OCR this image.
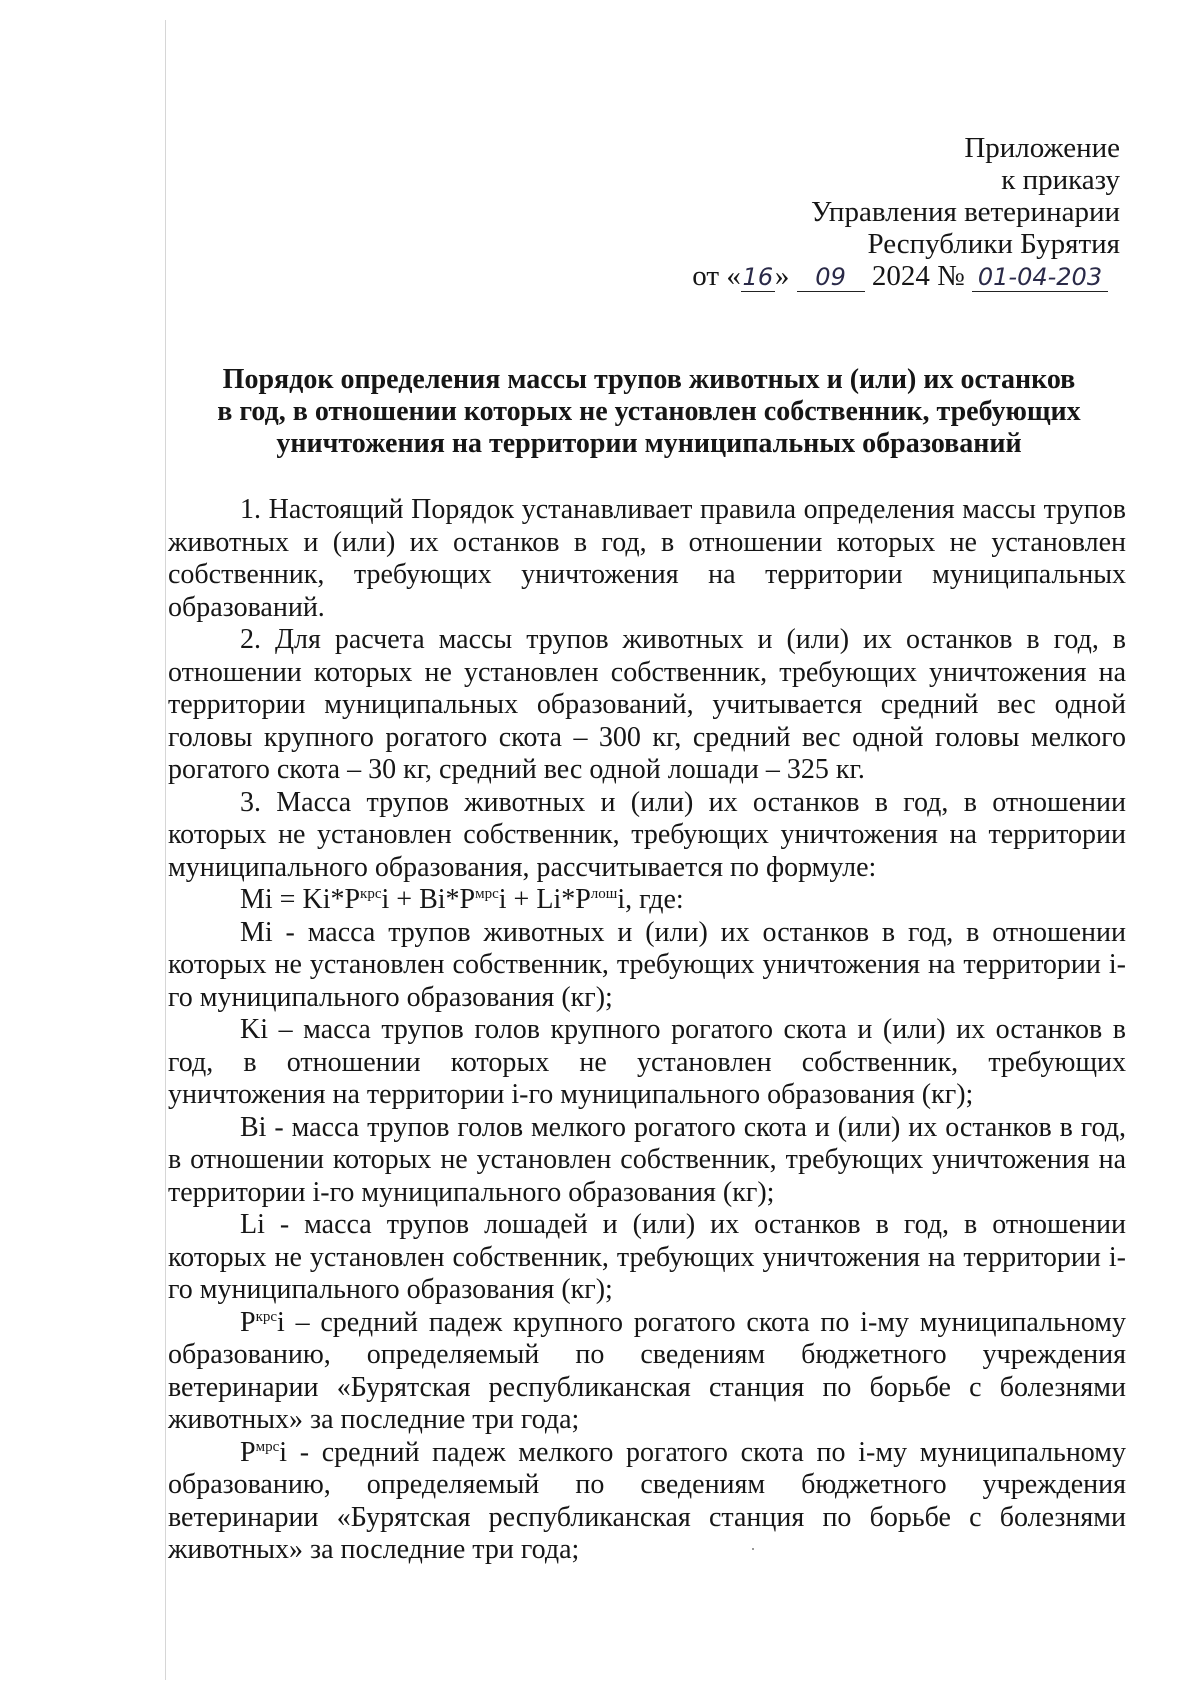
Приложение
к приказу
Управления ветеринарии
Республики Бурятия
от «16» 09 2024 № 01-04-203
Порядок определения массы трупов животных и (или) их останков
в год, в отношении которых не установлен собственник, требующих
уничтожения на территории муниципальных образований

1. Настоящий Порядок устанавливает правила определения массы трупов животных и (или) их останков в год, в отношении которых не установлен собственник, требующих уничтожения на территории муниципальных образований.

2. Для расчета массы трупов животных и (или) их останков в год, в отношении которых не установлен собственник, требующих уничтожения на территории муниципальных образований, учитывается средний вес одной головы крупного рогатого скота – 300 кг, средний вес одной головы мелкого рогатого скота – 30 кг, средний вес одной лошади – 325 кг.

3. Масса трупов животных и (или) их останков в год, в отношении которых не установлен собственник, требующих уничтожения на территории муниципального образования, рассчитывается по формуле:

$Mi = Ki*P^{крс}i + Bi*P^{мрс}i + Li*P^{лош}i$, где:

Mi - масса трупов животных и (или) их останков в год, в отношении которых не установлен собственник, требующих уничтожения на территории i-го муниципального образования (кг);

Ki – масса трупов голов крупного рогатого скота и (или) их останков в год, в отношении которых не установлен собственник, требующих уничтожения на территории i-го муниципального образования (кг);

Bi - масса трупов голов мелкого рогатого скота и (или) их останков в год, в отношении которых не установлен собственник, требующих уничтожения на территории i-го муниципального образования (кг);

Li - масса трупов лошадей и (или) их останков в год, в отношении которых не установлен собственник, требующих уничтожения на территории i-го муниципального образования (кг);

$P^{крс}i$ – средний падеж крупного рогатого скота по i-му муниципальному образованию, определяемый по сведениям бюджетного учреждения ветеринарии «Бурятская республиканская станция по борьбе с болезнями животных» за последние три года;

$P^{мрс}i$ - средний падеж мелкого рогатого скота по i-му муниципальному образованию, определяемый по сведениям бюджетного учреждения ветеринарии «Бурятская республиканская станция по борьбе с болезнями животных» за последние три года;
